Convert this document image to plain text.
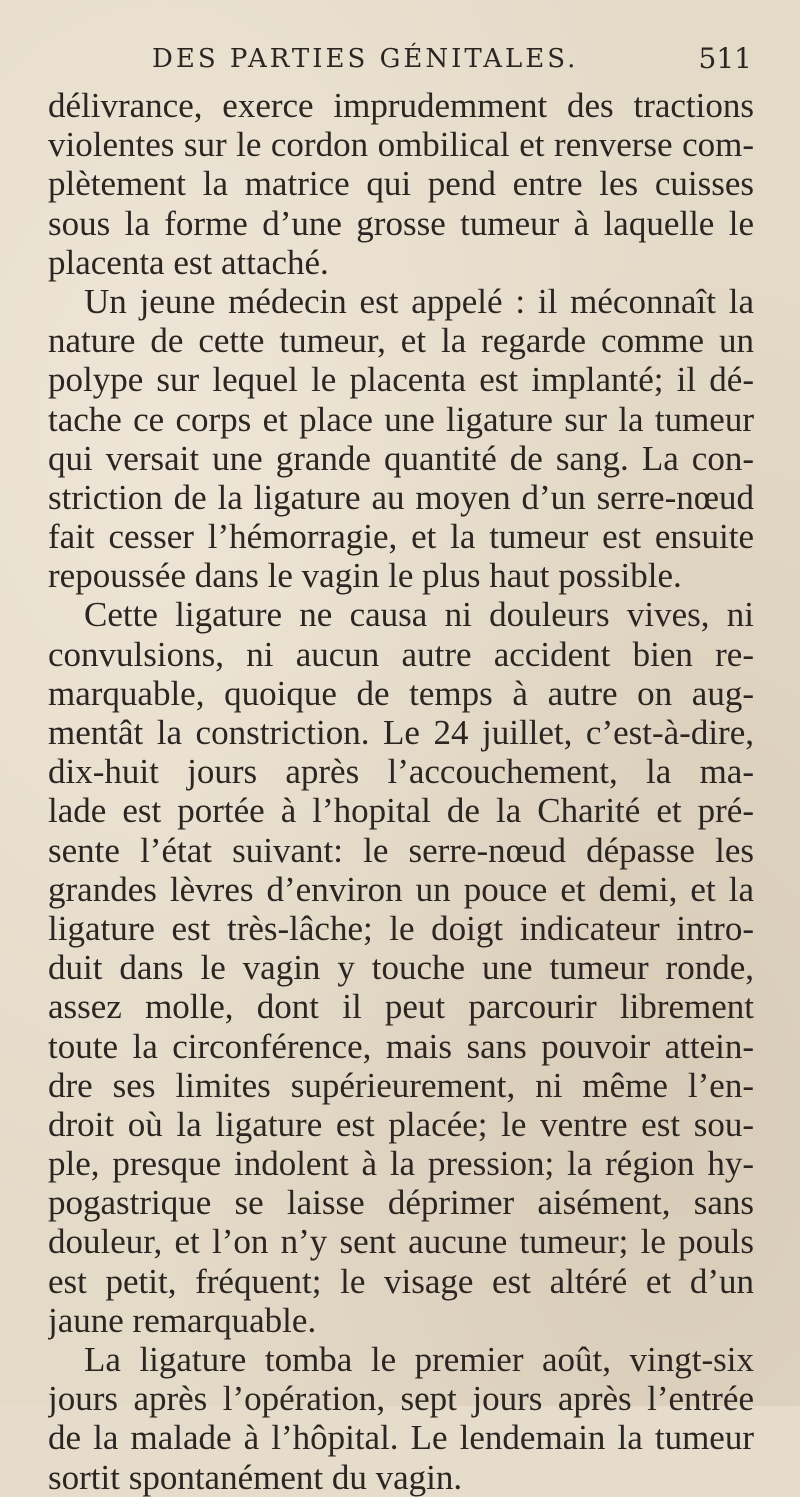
DES PARTIES GÉNITALES.	511
délivrance, exerce imprudemment des tractions
violentes sur le cordon ombilical et renverse com-
plètement la matrice qui pend entre les cuisses
sous la forme d’une grosse tumeur à laquelle le
placenta est attaché.
Un jeune médecin est appelé : il méconnaît la
nature de cette tumeur, et la regarde comme un
polype sur lequel le placenta est implanté; il dé-
tache ce corps et place une ligature sur la tumeur
qui versait une grande quantité de sang. La con-
striction de la ligature au moyen d’un serre-nœud
fait cesser l’hémorragie, et la tumeur est ensuite
repoussée dans le vagin le plus haut possible.
Cette ligature ne causa ni douleurs vives, ni
convulsions, ni aucun autre accident bien re-
marquable, quoique de temps à autre on aug-
mentât la constriction. Le 24 juillet, c’est-à-dire,
dix-huit jours après l’accouchement, la ma-
lade est portée à l’hopital de la Charité et pré-
sente l’état suivant: le serre-nœud dépasse les
grandes lèvres d’environ un pouce et demi, et la
ligature est très-lâche; le doigt indicateur intro-
duit dans le vagin y touche une tumeur ronde,
assez molle, dont il peut parcourir librement
toute la circonférence, mais sans pouvoir attein-
dre ses limites supérieurement, ni même l’en-
droit où la ligature est placée; le ventre est sou-
ple, presque indolent à la pression; la région hy-
pogastrique se laisse déprimer aisément, sans
douleur, et l’on n’y sent aucune tumeur; le pouls
est petit, fréquent; le visage est altéré et d’un
jaune remarquable.
La ligature tomba le premier août, vingt-six
jours après l’opération, sept jours après l’entrée
de la malade à l’hôpital. Le lendemain la tumeur
sortit spontanément du vagin.
